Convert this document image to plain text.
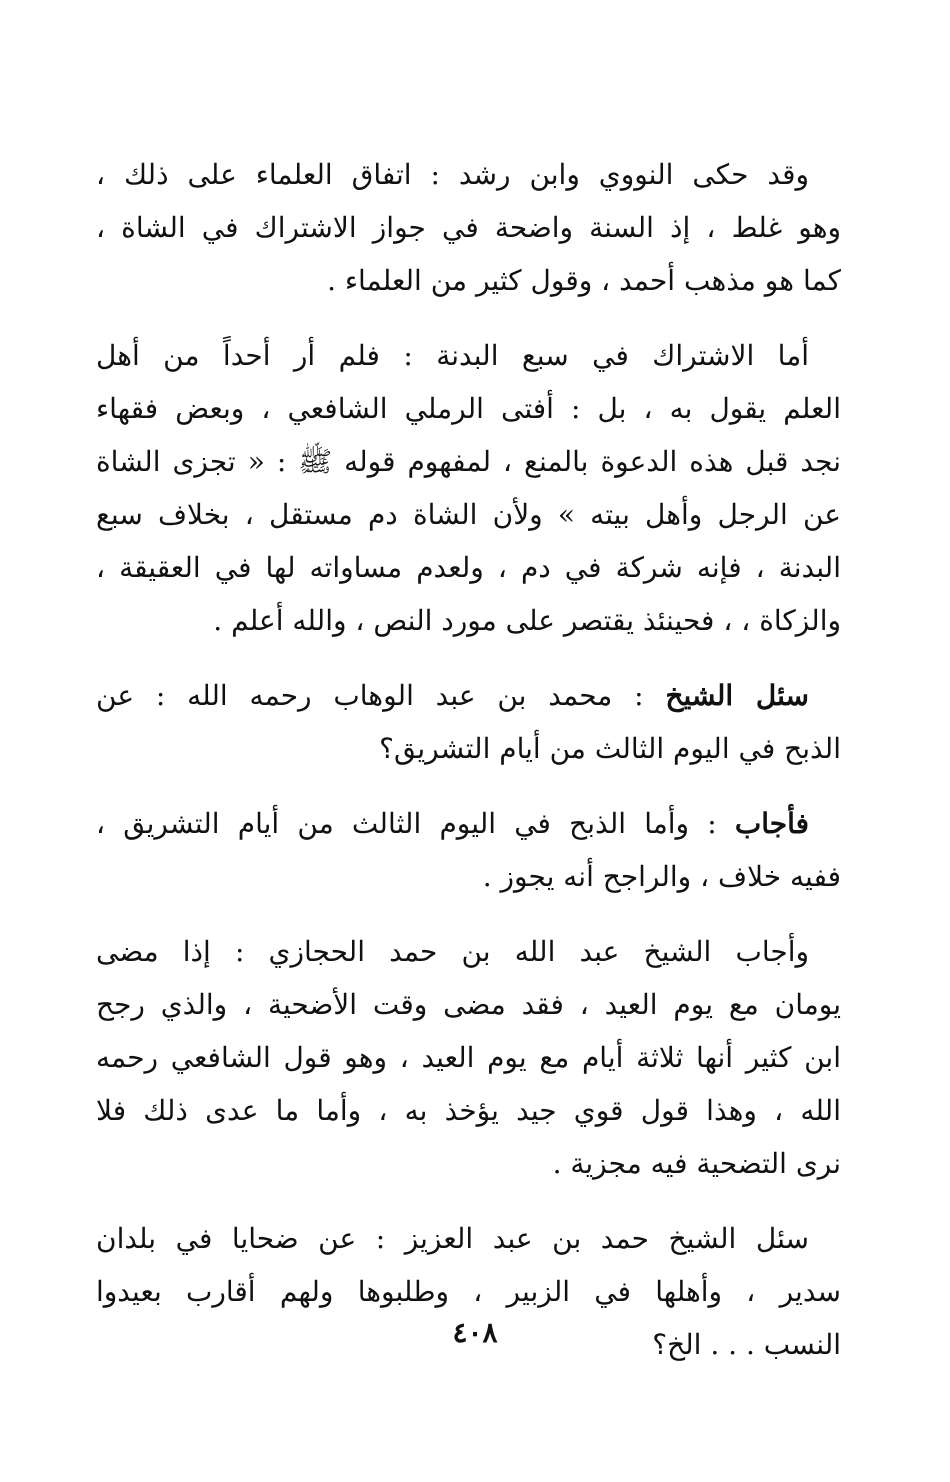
وقد حكى النووي وابن رشد : اتفاق العلماء على ذلك ،
وهو غلط ، إذ السنة واضحة في جواز الاشتراك في الشاة ،
كما هو مذهب أحمد ، وقول كثير من العلماء .
أما الاشتراك في سبع البدنة : فلم أر أحداً من أهل
العلم يقول به ، بل : أفتى الرملي الشافعي ، وبعض فقهاء
نجد قبل هذه الدعوة بالمنع ، لمفهوم قوله ﷺ : « تجزى الشاة
عن الرجل وأهل بيته » ولأن الشاة دم مستقل ، بخلاف سبع
البدنة ، فإنه شركة في دم ، ولعدم مساواته لها في العقيقة ،
والزكاة ، ، فحينئذ يقتصر على مورد النص ، والله أعلم .
سئل الشيخ : محمد بن عبد الوهاب رحمه الله : عن
الذبح في اليوم الثالث من أيام التشريق؟
فأجاب : وأما الذبح في اليوم الثالث من أيام التشريق ،
ففيه خلاف ، والراجح أنه يجوز .
وأجاب الشيخ عبد الله بن حمد الحجازي : إذا مضى
يومان مع يوم العيد ، فقد مضى وقت الأضحية ، والذي رجح
ابن كثير أنها ثلاثة أيام مع يوم العيد ، وهو قول الشافعي رحمه
الله ، وهذا قول قوي جيد يؤخذ به ، وأما ما عدى ذلك فلا
نرى التضحية فيه مجزية .
سئل الشيخ حمد بن عبد العزيز : عن ضحايا في بلدان
سدير ، وأهلها في الزبير ، وطلبوها ولهم أقارب بعيدوا
النسب . . . الخ؟
٤٠٨
